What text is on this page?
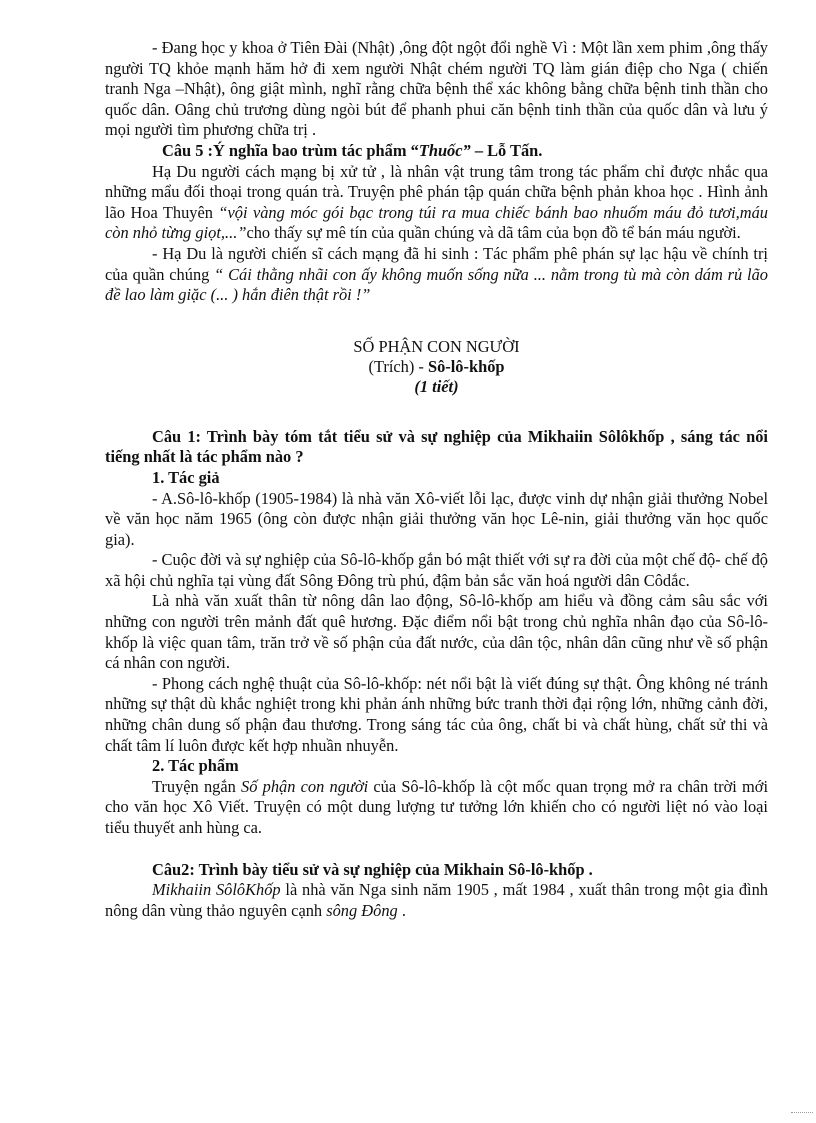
- Đang học y khoa ở Tiên Đài (Nhật) ,ông đột ngột đổi nghề Vì : Một lần xem phim ,ông thấy người TQ khỏe mạnh hăm hở đi xem người Nhật chém người TQ làm gián điệp cho Nga ( chiến tranh Nga –Nhật), ông giật mình, nghĩ rằng chữa bệnh thể xác không bằng chữa bệnh tinh thần cho quốc dân. Oâng chủ trương dùng ngòi bút để phanh phui căn bệnh tinh thần của quốc dân và lưu ý mọi người tìm phương chữa trị .

Câu 5 :Ý nghĩa bao trùm tác phẩm “Thuốc” – Lỗ Tấn.

Hạ Du người cách mạng bị xử tử , là nhân vật trung tâm trong tác phẩm chỉ được nhắc qua những mẩu đối thoại trong quán trà. Truyện phê phán tập quán chữa bệnh phản khoa học . Hình ảnh lão Hoa Thuyên “vội vàng móc gói bạc trong túi ra mua chiếc bánh bao nhuốm máu đỏ tươi,máu còn nhỏ từng giọt,...”cho thấy sự mê tín của quần chúng và dã tâm của bọn đồ tể bán máu người.

- Hạ Du là người chiến sĩ cách mạng đã hi sinh : Tác phẩm phê phán sự lạc hậu về chính trị của quần chúng “ Cái thằng nhãi con ấy không muốn sống nữa ... nằm trong tù mà còn dám rủ lão đề lao làm giặc (... ) hắn điên thật rồi !”

SỐ PHẬN CON NGƯỜI

(Trích) - Sô-lô-khốp

(1 tiết)

Câu 1: Trình bày tóm tắt tiểu sử và sự nghiệp của Mikhaiin Sôlôkhốp , sáng tác nổi tiếng nhất là tác phẩm nào ?

1. Tác giả

- A.Sô-lô-khốp (1905-1984) là nhà văn Xô-viết lỗi lạc, được vinh dự nhận giải thưởng Nobel về văn học năm 1965 (ông còn được nhận giải thưởng văn học Lê-nin, giải thưởng văn học quốc gia).

- Cuộc đời và sự nghiệp của Sô-lô-khốp gắn bó mật thiết với sự ra đời của một chế độ- chế độ xã hội chủ nghĩa tại vùng đất Sông Đông trù phú, đậm bản sắc văn hoá người dân Côdắc.

Là nhà văn xuất thân từ nông dân lao động, Sô-lô-khốp am hiểu và đồng cảm sâu sắc với những con người trên mảnh đất quê hương. Đặc điểm nổi bật trong chủ nghĩa nhân đạo của Sô-lô-khốp là việc quan tâm, trăn trở về số phận của đất nước, của dân tộc, nhân dân cũng như về số phận cá nhân con người.

- Phong cách nghệ thuật của Sô-lô-khốp: nét nổi bật là viết đúng sự thật. Ông không né tránh những sự thật dù khắc nghiệt trong khi phản ánh những bức tranh thời đại rộng lớn, những cảnh đời, những chân dung số phận đau thương. Trong sáng tác của ông, chất bi và chất hùng, chất sử thi và chất tâm lí luôn được kết hợp nhuần nhuyễn.

2. Tác phẩm

Truyện ngắn Số phận con người của Sô-lô-khốp là cột mốc quan trọng mở ra chân trời mới cho văn học Xô Viết. Truyện có một dung lượng tư tưởng lớn khiến cho có người liệt nó vào loại tiểu thuyết anh hùng ca.

Câu2: Trình bày tiểu sử và sự nghiệp của Mikhain Sô-lô-khốp .

Mikhaiin SôlôKhốp là nhà văn Nga sinh năm 1905 , mất 1984 , xuất thân trong một gia đình nông dân vùng thảo nguyên cạnh sông Đông .
